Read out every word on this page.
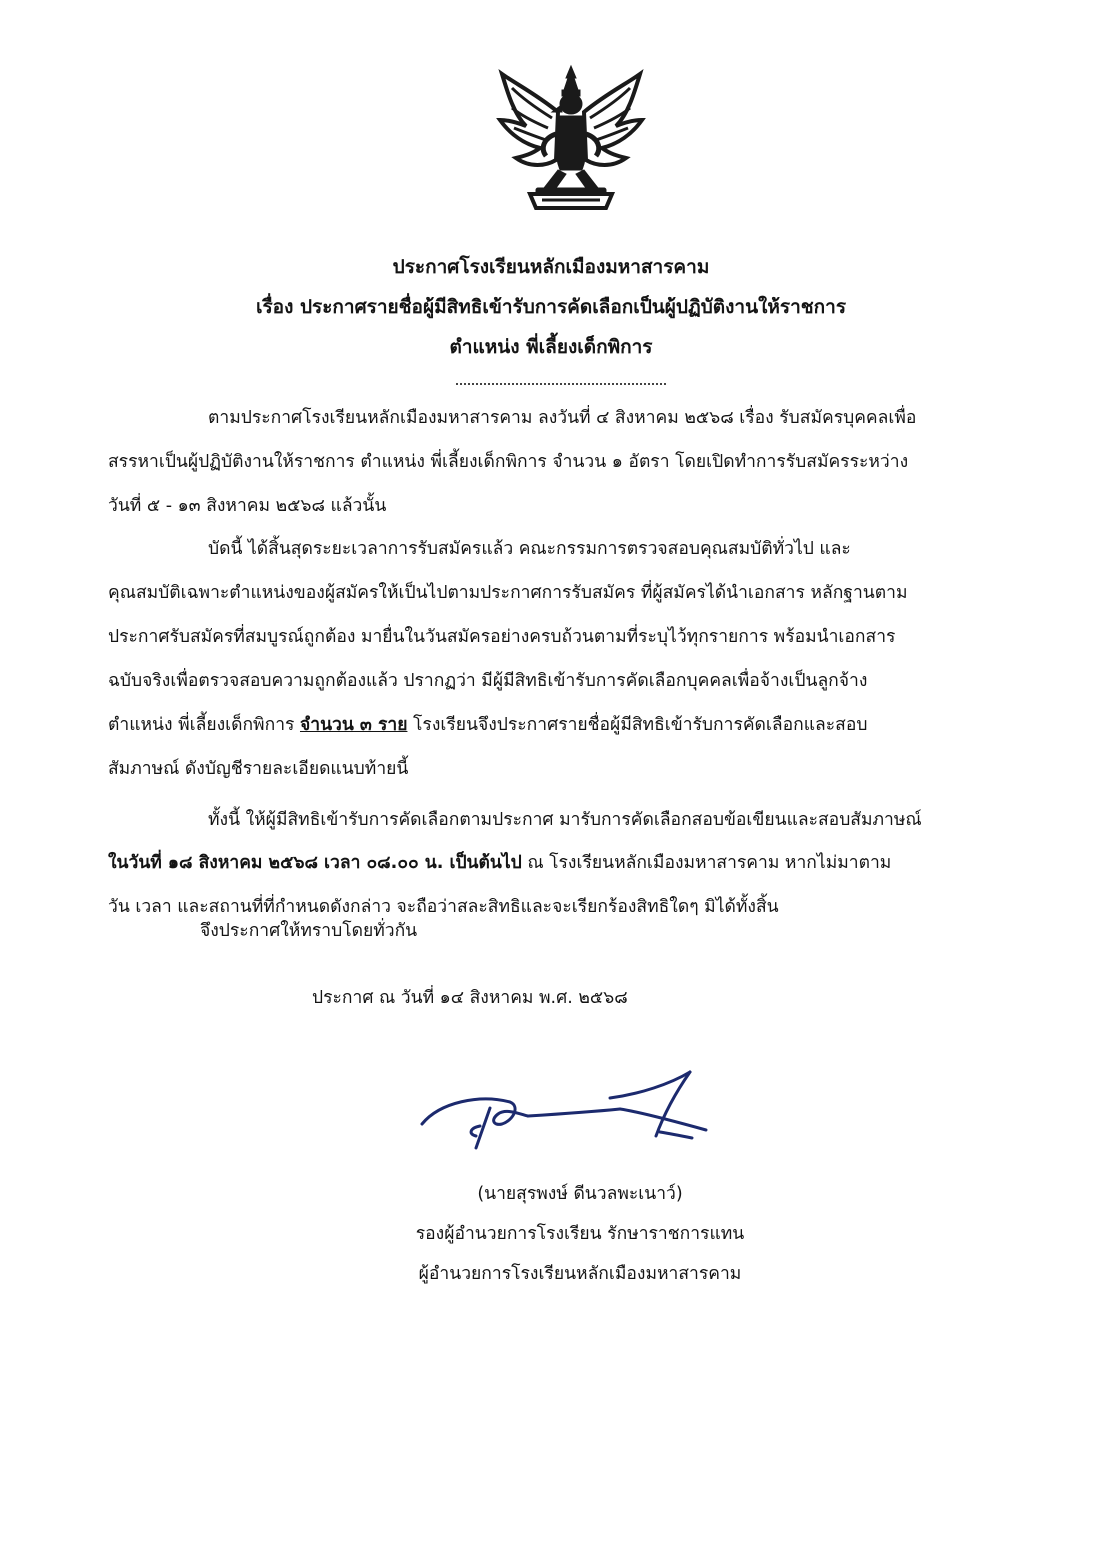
ประกาศโรงเรียนหลักเมืองมหาสารคาม
เรื่อง ประกาศรายชื่อผู้มีสิทธิเข้ารับการคัดเลือกเป็นผู้ปฏิบัติงานให้ราชการ
ตำแหน่ง พี่เลี้ยงเด็กพิการ
ตามประกาศโรงเรียนหลักเมืองมหาสารคาม ลงวันที่ ๔ สิงหาคม ๒๕๖๘ เรื่อง รับสมัครบุคคลเพื่อ
สรรหาเป็นผู้ปฏิบัติงานให้ราชการ ตำแหน่ง พี่เลี้ยงเด็กพิการ จำนวน ๑ อัตรา โดยเปิดทำการรับสมัครระหว่าง
วันที่ ๕ - ๑๓ สิงหาคม ๒๕๖๘ แล้วนั้น
บัดนี้ ได้สิ้นสุดระยะเวลาการรับสมัครแล้ว คณะกรรมการตรวจสอบคุณสมบัติทั่วไป และ
คุณสมบัติเฉพาะตำแหน่งของผู้สมัครให้เป็นไปตามประกาศการรับสมัคร ที่ผู้สมัครได้นำเอกสาร หลักฐานตาม
ประกาศรับสมัครที่สมบูรณ์ถูกต้อง มายื่นในวันสมัครอย่างครบถ้วนตามที่ระบุไว้ทุกรายการ พร้อมนำเอกสาร
ฉบับจริงเพื่อตรวจสอบความถูกต้องแล้ว ปรากฏว่า มีผู้มีสิทธิเข้ารับการคัดเลือกบุคคลเพื่อจ้างเป็นลูกจ้าง
ตำแหน่ง พี่เลี้ยงเด็กพิการ จำนวน ๓ ราย โรงเรียนจึงประกาศรายชื่อผู้มีสิทธิเข้ารับการคัดเลือกและสอบ
สัมภาษณ์ ดังบัญชีรายละเอียดแนบท้ายนี้
ทั้งนี้ ให้ผู้มีสิทธิเข้ารับการคัดเลือกตามประกาศ มารับการคัดเลือกสอบข้อเขียนและสอบสัมภาษณ์
ในวันที่ ๑๘ สิงหาคม ๒๕๖๘ เวลา ๐๘.๐๐ น. เป็นต้นไป ณ โรงเรียนหลักเมืองมหาสารคาม หากไม่มาตาม
วัน เวลา และสถานที่ที่กำหนดดังกล่าว จะถือว่าสละสิทธิและจะเรียกร้องสิทธิใดๆ มิได้ทั้งสิ้น
จึงประกาศให้ทราบโดยทั่วกัน
ประกาศ ณ วันที่ ๑๔ สิงหาคม พ.ศ. ๒๕๖๘
(นายสุรพงษ์ ดีนวลพะเนาว์)
รองผู้อำนวยการโรงเรียน รักษาราชการแทน
ผู้อำนวยการโรงเรียนหลักเมืองมหาสารคาม
